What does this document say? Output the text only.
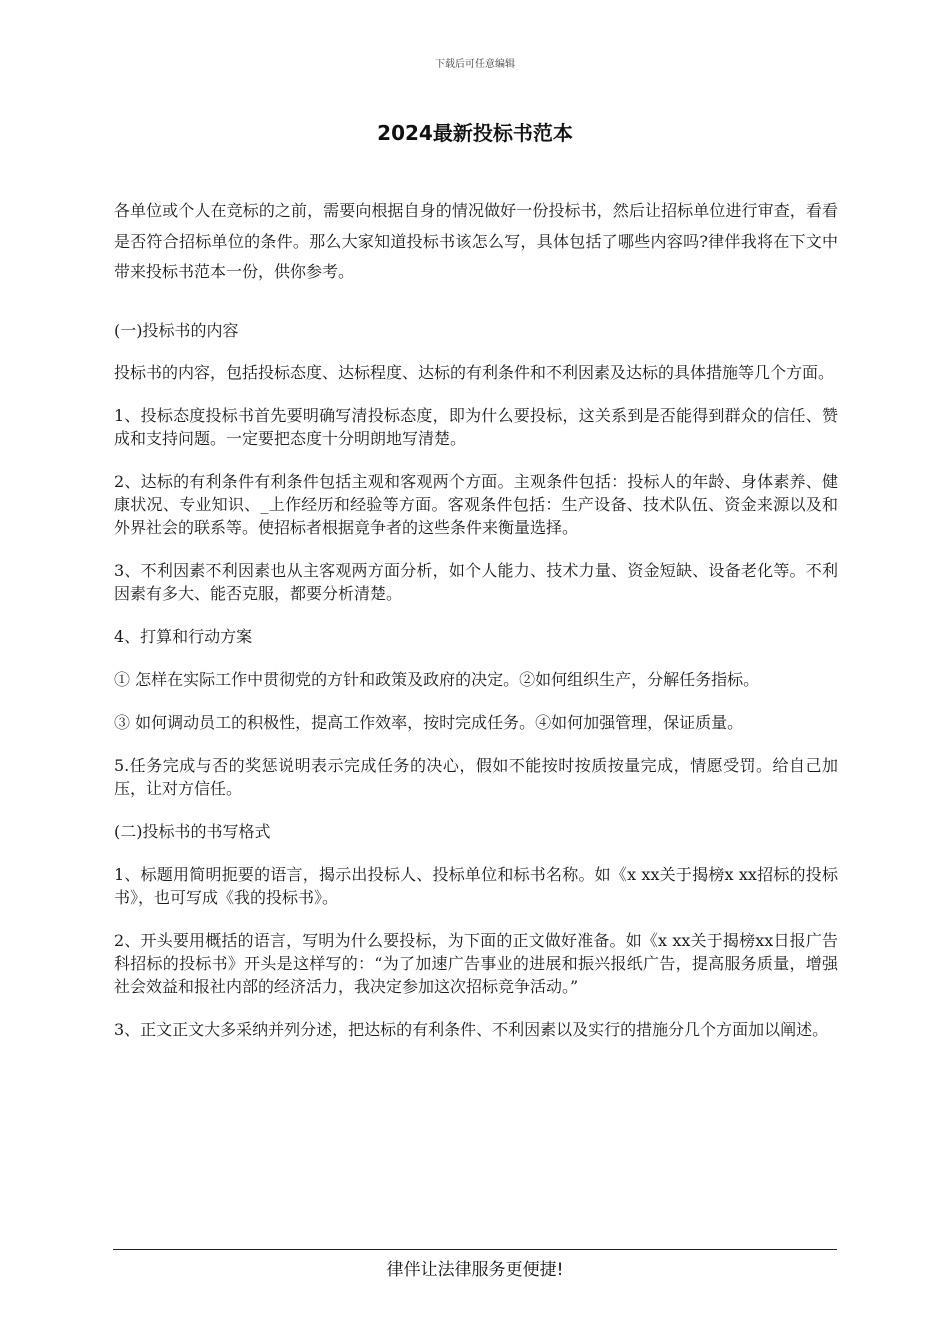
下载后可任意编辑
2024最新投标书范本

各单位或个人在竞标的之前，需要向根据自身的情况做好一份投标书，然后让招标单位进行审查，看看是否符合招标单位的条件。那么大家知道投标书该怎么写，具体包括了哪些内容吗?律伴我将在下文中带来投标书范本一份，供你参考。

(一)投标书的内容

投标书的内容，包括投标态度、达标程度、达标的有利条件和不利因素及达标的具体措施等几个方面。

1、投标态度投标书首先要明确写清投标态度，即为什么要投标，这关系到是否能得到群众的信任、赞成和支持问题。一定要把态度十分明朗地写清楚。

2、达标的有利条件有利条件包括主观和客观两个方面。主观条件包括：投标人的年龄、身体素养、健康状况、专业知识、_上作经历和经验等方面。客观条件包括：生产设备、技术队伍、资金来源以及和外界社会的联系等。使招标者根据竟争者的这些条件来衡量选择。

3、不利因素不利因素也从主客观两方面分析，如个人能力、技术力量、资金短缺、设备老化等。不利因素有多大、能否克服，都要分析清楚。

4、打算和行动方案

① 怎样在实际工作中贯彻党的方针和政策及政府的决定。②如何组织生产，分解任务指标。

③ 如何调动员工的积极性，提高工作效率，按时完成任务。④如何加强管理，保证质量。

5.任务完成与否的奖惩说明表示完成任务的决心，假如不能按时按质按量完成，情愿受罚。给自己加压，让对方信任。

(二)投标书的书写格式

1、标题用简明扼要的语言，揭示出投标人、投标单位和标书名称。如《x xx关于揭榜x xx招标的投标书》，也可写成《我的投标书》。

2、开头要用概括的语言，写明为什么要投标，为下面的正文做好准备。如《x xx关于揭榜xx日报广告科招标的投标书》开头是这样写的：“为了加速广告事业的进展和振兴报纸广告，提高服务质量，增强社会效益和报社内部的经济活力，我决定参加这次招标竞争活动。”

3、正文正文大多采纳并列分述，把达标的有利条件、不利因素以及实行的措施分几个方面加以阐述。

律伴让法律服务更便捷!
